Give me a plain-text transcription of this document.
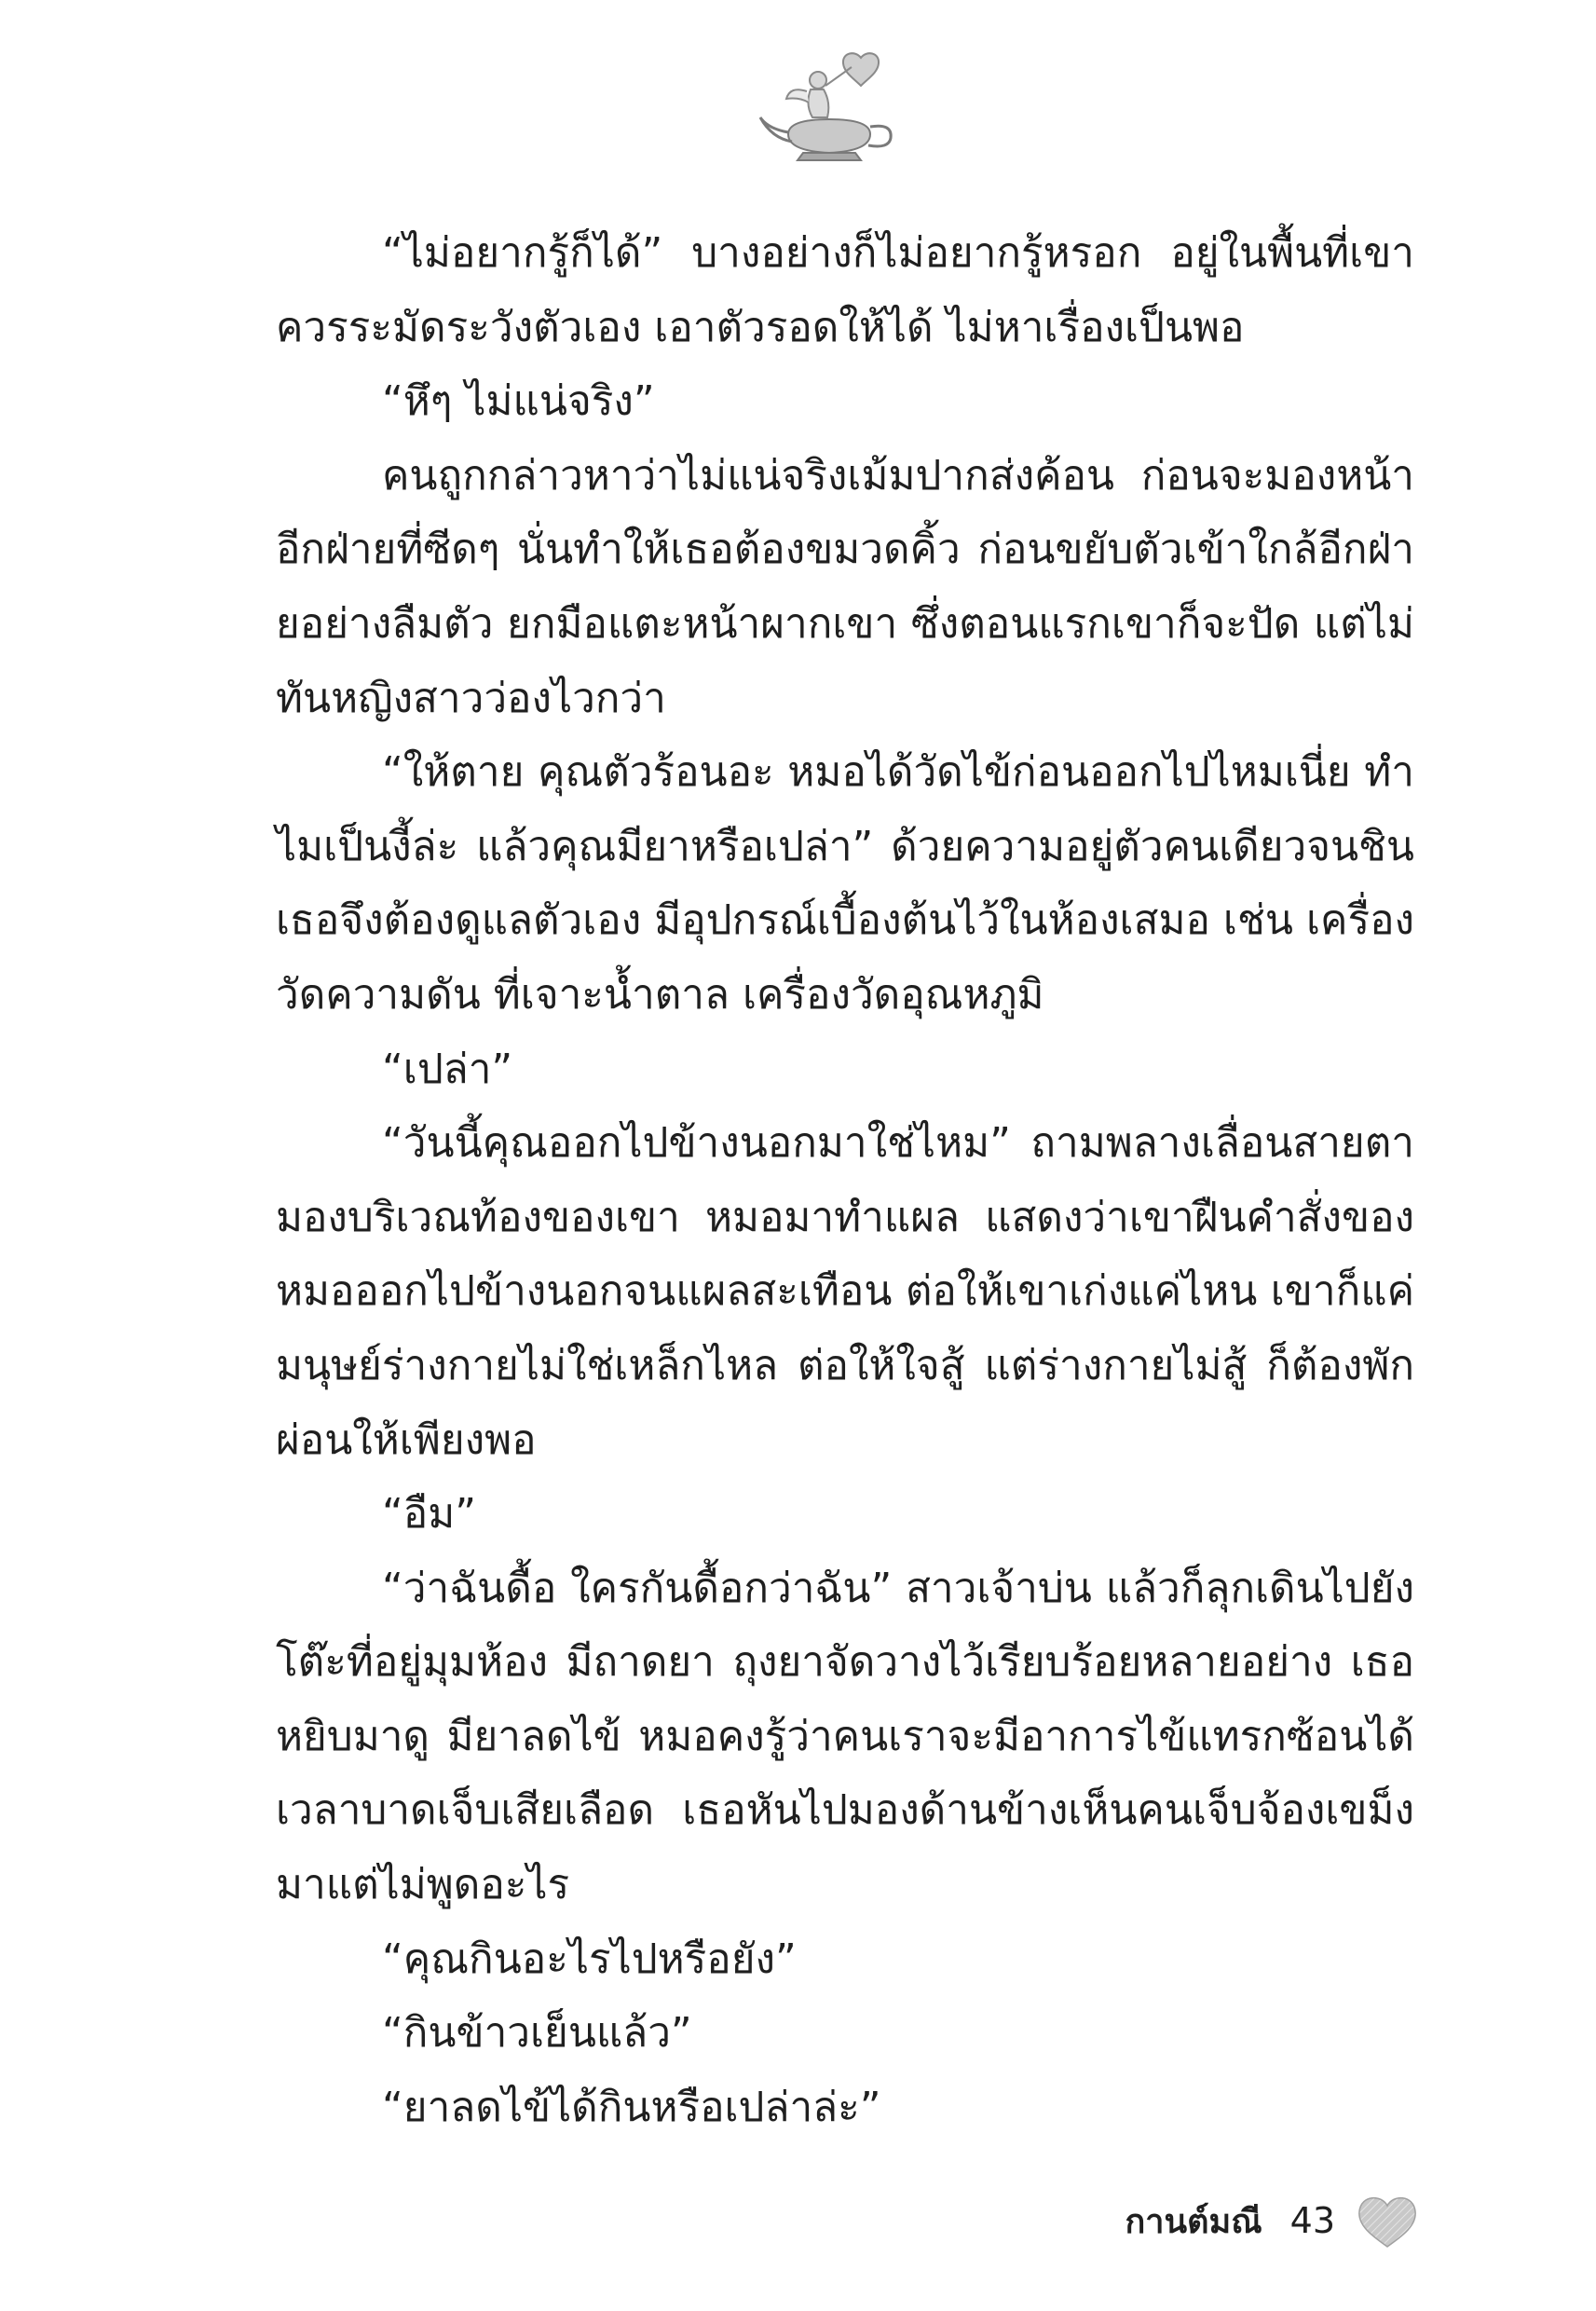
“ไม่อยากรู้ก็ได้” บางอย่างก็ไม่อยากรู้หรอก อยู่ในพื้นที่เขา ควรระมัดระวังตัวเอง เอาตัวรอดให้ได้ ไม่หาเรื่องเป็นพอ

“หึๆ ไม่แน่จริง”

คนถูกกล่าวหาว่าไม่แน่จริงเม้มปากส่งค้อน ก่อนจะมองหน้าอีกฝ่ายที่ซีดๆ นั่นทำให้เธอต้องขมวดคิ้ว ก่อนขยับตัวเข้าใกล้อีกฝ่ายอย่างลืมตัว ยกมือแตะหน้าผากเขา ซึ่งตอนแรกเขาก็จะปัด แต่ไม่ทันหญิงสาวว่องไวกว่า

“ให้ตาย คุณตัวร้อนอะ หมอได้วัดไข้ก่อนออกไปไหมเนี่ย ทำไมเป็นงี้ล่ะ แล้วคุณมียาหรือเปล่า” ด้วยความอยู่ตัวคนเดียวจนชิน เธอจึงต้องดูแลตัวเอง มีอุปกรณ์เบื้องต้นไว้ในห้องเสมอ เช่น เครื่องวัดความดัน ที่เจาะน้ำตาล เครื่องวัดอุณหภูมิ

“เปล่า”

“วันนี้คุณออกไปข้างนอกมาใช่ไหม” ถามพลางเลื่อนสายตามองบริเวณท้องของเขา หมอมาทำแผล แสดงว่าเขาฝืนคำสั่งของหมอออกไปข้างนอกจนแผลสะเทือน ต่อให้เขาเก่งแค่ไหน เขาก็แค่มนุษย์ร่างกายไม่ใช่เหล็กไหล ต่อให้ใจสู้ แต่ร่างกายไม่สู้ ก็ต้องพักผ่อนให้เพียงพอ

“อืม”

“ว่าฉันดื้อ ใครกันดื้อกว่าฉัน” สาวเจ้าบ่น แล้วก็ลุกเดินไปยังโต๊ะที่อยู่มุมห้อง มีถาดยา ถุงยาจัดวางไว้เรียบร้อยหลายอย่าง เธอหยิบมาดู มียาลดไข้ หมอคงรู้ว่าคนเราจะมีอาการไข้แทรกซ้อนได้เวลาบาดเจ็บเสียเลือด เธอหันไปมองด้านข้างเห็นคนเจ็บจ้องเขม็งมาแต่ไม่พูดอะไร

“คุณกินอะไรไปหรือยัง”

“กินข้าวเย็นแล้ว”

“ยาลดไข้ได้กินหรือเปล่าล่ะ”

กานต์มณี 43
